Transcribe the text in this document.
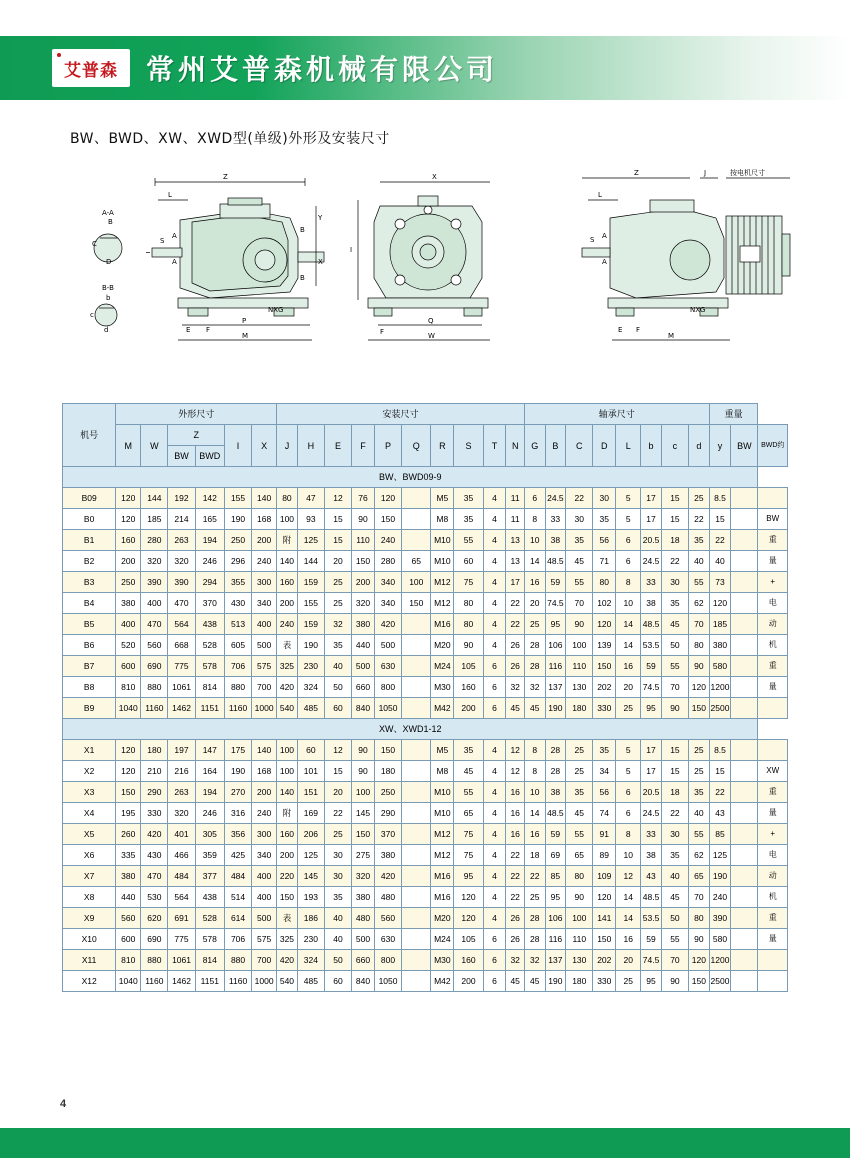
艾普森 常州艾普森机械有限公司
BW、BWD、XW、XWD型(单级)外形及安装尺寸
A-A
C
D
B
B-B
c
d
b
Z
L
NXG
Y
X
S
A
A
B
B
P
M
E F
X
I
Q
W
F
Z	J	按电机尺寸
NXG
S A
A
L
M
E F
机号	外形尺寸						安装尺寸										轴承尺寸								重量		
	M	W	Z		I	X	J	H	E	F	P	Q	R	S	T	N	G	B	C	D	L	b	c	d	y	BW	BWD约
			BW	BWD																							
BW、BWD09-9																											
B09	120	144	192	142	155	140	80	47	12	76	120		M5	35	4	11	6	24.5	22	30	5	17	15	25	8.5		
B0	120	185	214	165	190	168	100	93	15	90	150		M8	35	4	11	8	33	30	35	5	17	15	22	15		BW
B1	160	280	263	194	250	200	附	125	15	110	240		M10	55	4	13	10	38	35	56	6	20.5	18	35	22		重
B2	200	320	320	246	296	240	140	144	20	150	280	65	M10	60	4	13	14	48.5	45	71	6	24.5	22	40	40		量
B3	250	390	390	294	355	300	160	159	25	200	340	100	M12	75	4	17	16	59	55	80	8	33	30	55	73		+
B4	380	400	470	370	430	340	200	155	25	320	340	150	M12	80	4	22	20	74.5	70	102	10	38	35	62	120		电
B5	400	470	564	438	513	400	240	159	32	380	420		M16	80	4	22	25	95	90	120	14	48.5	45	70	185		动
B6	520	560	668	528	605	500	表	190	35	440	500		M20	90	4	26	28	106	100	139	14	53.5	50	80	380		机
B7	600	690	775	578	706	575	325	230	40	500	630		M24	105	6	26	28	116	110	150	16	59	55	90	580		重
B8	810	880	1061	814	880	700	420	324	50	660	800		M30	160	6	32	32	137	130	202	20	74.5	70	120	1200		量
B9	1040	1160	1462	1151	1160	1000	540	485	60	840	1050		M42	200	6	45	45	190	180	330	25	95	90	150	2500		
XW、XWD1-12																											
X1	120	180	197	147	175	140	100	60	12	90	150		M5	35	4	12	8	28	25	35	5	17	15	25	8.5		
X2	120	210	216	164	190	168	100	101	15	90	180		M8	45	4	12	8	28	25	34	5	17	15	25	15		XW
X3	150	290	263	194	270	200	140	151	20	100	250		M10	55	4	16	10	38	35	56	6	20.5	18	35	22		重
X4	195	330	320	246	316	240	附	169	22	145	290		M10	65	4	16	14	48.5	45	74	6	24.5	22	40	43		量
X5	260	420	401	305	356	300	160	206	25	150	370		M12	75	4	16	16	59	55	91	8	33	30	55	85		+
X6	335	430	466	359	425	340	200	125	30	275	380		M12	75	4	22	18	69	65	89	10	38	35	62	125		电
X7	380	470	484	377	484	400	220	145	30	320	420		M16	95	4	22	22	85	80	109	12	43	40	65	190		动
X8	440	530	564	438	514	400	150	193	35	380	480		M16	120	4	22	25	95	90	120	14	48.5	45	70	240		机
X9	560	620	691	528	614	500	表	186	40	480	560		M20	120	4	26	28	106	100	141	14	53.5	50	80	390		重
X10	600	690	775	578	706	575	325	230	40	500	630		M24	105	6	26	28	116	110	150	16	59	55	90	580		量
X11	810	880	1061	814	880	700	420	324	50	660	800		M30	160	6	32	32	137	130	202	20	74.5	70	120	1200		
X12	1040	1160	1462	1151	1160	1000	540	485	60	840	1050		M42	200	6	45	45	190	180	330	25	95	90	150	2500		
4
